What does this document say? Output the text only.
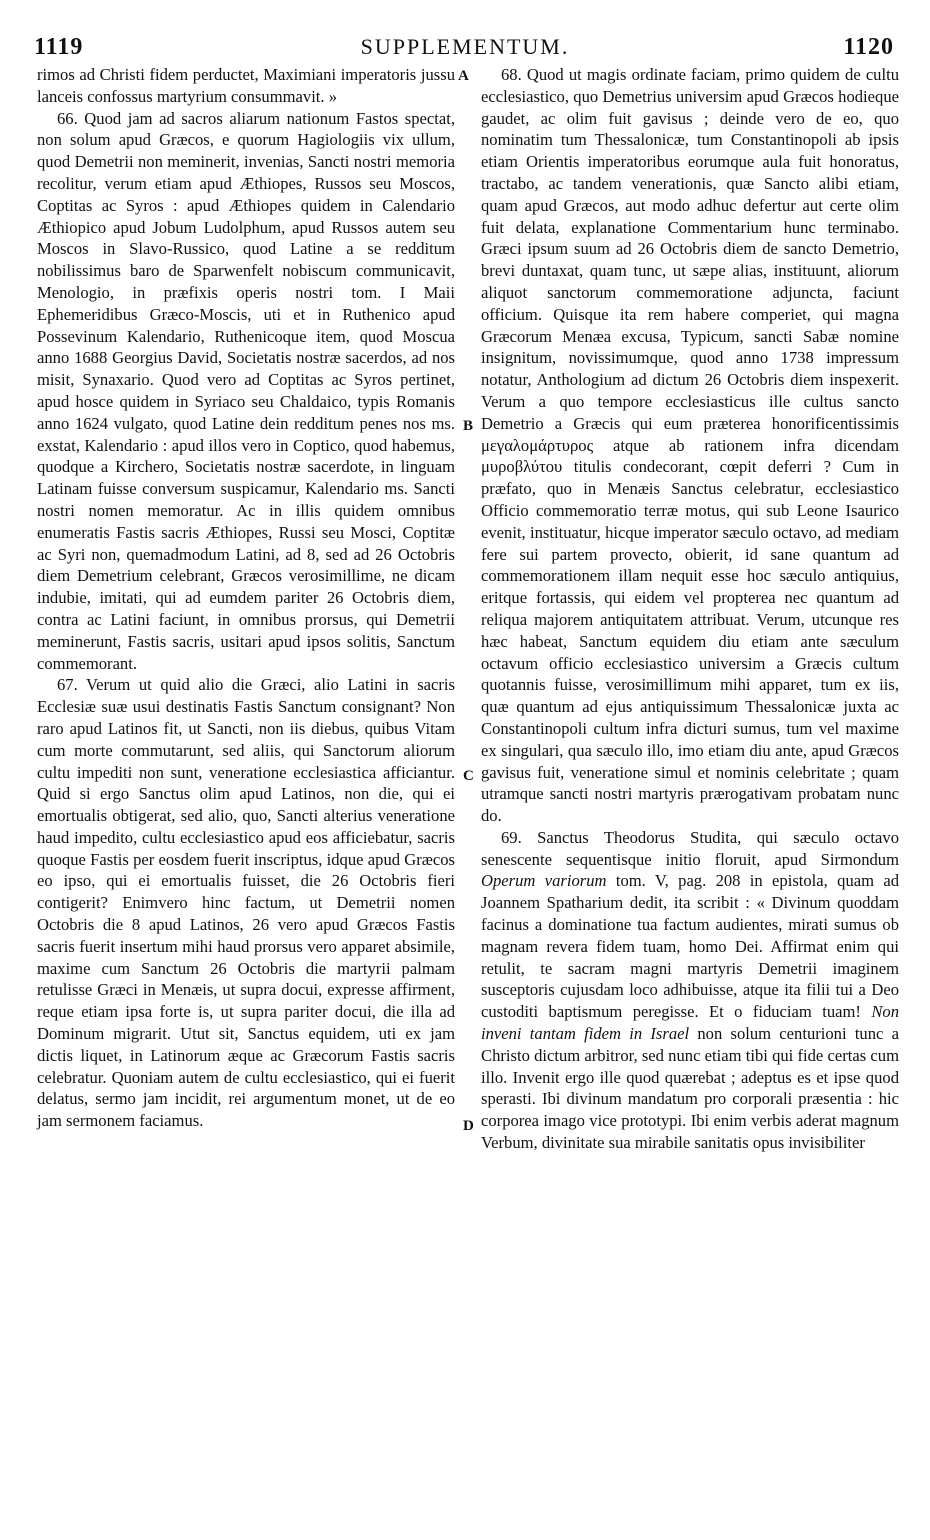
1119	SUPPLEMENTUM.	1120

rimos ad Christi fidem perductet, Maximiani imperatoris jussu lanceis confossus martyrium consummavit. »

66. Quod jam ad sacros aliarum nationum Fastos spectat, non solum apud Græcos, e quorum Hagiologiis vix ullum, quod Demetrii non meminerit, invenias, Sancti nostri memoria recolitur, verum etiam apud Æthiopes, Russos seu Moscos, Coptitas ac Syros : apud Æthiopes quidem in Calendario Æthiopico apud Jobum Ludolphum, apud Russos autem seu Moscos in Slavo-Russico, quod Latine a se redditum nobilissimus baro de Sparwenfelt nobiscum communicavit, Menologio, in præfixis operis nostri tom. I Maii Ephemeridibus Græco-Moscis, uti et in Ruthenico apud Possevinum Kalendario, Ruthenicoque item, quod Moscua anno 1688 Georgius David, Societatis nostræ sacerdos, ad nos misit, Synaxario. Quod vero ad Coptitas ac Syros pertinet, apud hosce quidem in Syriaco seu Chaldaico, typis Romanis anno 1624 vulgato, quod Latine dein redditum penes nos ms. exstat, Kalendario : apud illos vero in Coptico, quod habemus, quodque a Kirchero, Societatis nostræ sacerdote, in linguam Latinam fuisse conversum suspicamur, Kalendario ms. Sancti nostri nomen memoratur. Ac in illis quidem omnibus enumeratis Fastis sacris Æthiopes, Russi seu Mosci, Coptitæ ac Syri non, quemadmodum Latini, ad 8, sed ad 26 Octobris diem Demetrium celebrant, Græcos verosimillime, ne dicam indubie, imitati, qui ad eumdem pariter 26 Octobris diem, contra ac Latini faciunt, in omnibus prorsus, qui Demetrii meminerunt, Fastis sacris, usitari apud ipsos solitis, Sanctum commemorant.

67. Verum ut quid alio die Græci, alio Latini in sacris Ecclesiæ suæ usui destinatis Fastis Sanctum consignant? Non raro apud Latinos fit, ut Sancti, non iis diebus, quibus Vitam cum morte commutarunt, sed aliis, qui Sanctorum aliorum cultu impediti non sunt, veneratione ecclesiastica afficiantur. Quid si ergo Sanctus olim apud Latinos, non die, qui ei emortualis obtigerat, sed alio, quo, Sancti alterius veneratione haud impedito, cultu ecclesiastico apud eos afficiebatur, sacris quoque Fastis per eosdem fuerit inscriptus, idque apud Græcos eo ipso, qui ei emortualis fuisset, die 26 Octobris fieri contigerit? Enimvero hinc factum, ut Demetrii nomen Octobris die 8 apud Latinos, 26 vero apud Græcos Fastis sacris fuerit insertum mihi haud prorsus vero apparet absimile, maxime cum Sanctum 26 Octobris die martyrii palmam retulisse Græci in Menæis, ut supra docui, expresse affirment, reque etiam ipsa forte is, ut supra pariter docui, die illa ad Dominum migrarit. Utut sit, Sanctus equidem, uti ex jam dictis liquet, in Latinorum æque ac Græcorum Fastis sacris celebratur. Quoniam autem de cultu ecclesiastico, qui ei fuerit delatus, sermo jam incidit, rei argumentum monet, ut de eo jam sermonem faciamus.

68. Quod ut magis ordinate faciam, primo quidem de cultu ecclesiastico, quo Demetrius universim apud Græcos hodieque gaudet, ac olim fuit gavisus ; deinde vero de eo, quo nominatim tum Thessalonicæ, tum Constantinopoli ab ipsis etiam Orientis imperatoribus eorumque aula fuit honoratus, tractabo, ac tandem venerationis, quæ Sancto alibi etiam, quam apud Græcos, aut modo adhuc defertur aut certe olim fuit delata, explanatione Commentarium hunc terminabo. Græci ipsum suum ad 26 Octobris diem de sancto Demetrio, brevi duntaxat, quam tunc, ut sæpe alias, instituunt, aliorum aliquot sanctorum commemoratione adjuncta, faciunt officium. Quisque ita rem habere comperiet, qui magna Græcorum Menæa excusa, Typicum, sancti Sabæ nomine insignitum, novissimumque, quod anno 1738 impressum notatur, Anthologium ad dictum 26 Octobris diem inspexerit. Verum a quo tempore ecclesiasticus ille cultus sancto Demetrio a Græcis qui eum præterea honorificentissimis μεγαλομάρτυρος atque ab rationem infra dicendam μυροβλύτου titulis condecorant, cœpit deferri ? Cum in præfato, quo in Menæis Sanctus celebratur, ecclesiastico Officio commemoratio terræ motus, qui sub Leone Isaurico evenit, instituatur, hicque imperator sæculo octavo, ad mediam fere sui partem provecto, obierit, id sane quantum ad commemorationem illam nequit esse hoc sæculo antiquius, eritque fortassis, qui eidem vel propterea nec quantum ad reliqua majorem antiquitatem attribuat. Verum, utcunque res hæc habeat, Sanctum equidem diu etiam ante sæculum octavum officio ecclesiastico universim a Græcis cultum quotannis fuisse, verosimillimum mihi apparet, tum ex iis, quæ quantum ad ejus antiquissimum Thessalonicæ juxta ac Constantinopoli cultum infra dicturi sumus, tum vel maxime ex singulari, qua sæculo illo, imo etiam diu ante, apud Græcos gavisus fuit, veneratione simul et nominis celebritate ; quam utramque sancti nostri martyris prærogativam probatam nunc do.

69. Sanctus Theodorus Studita, qui sæculo octavo senescente sequentisque initio floruit, apud Sirmondum Operum variorum tom. V, pag. 208 in epistola, quam ad Joannem Spatharium dedit, ita scribit : « Divinum quoddam facinus a dominatione tua factum audientes, mirati sumus ob magnam revera fidem tuam, homo Dei. Affirmat enim qui retulit, te sacram magni martyris Demetrii imaginem susceptoris cujusdam loco adhibuisse, atque ita filii tui a Deo custoditi baptismum peregisse. Et o fiduciam tuam! Non inveni tantam fidem in Israel non solum centurioni tunc a Christo dictum arbitror, sed nunc etiam tibi qui fide certas cum illo. Invenit ergo ille quod quærebat ; adeptus es et ipse quod sperasti. Ibi divinum mandatum pro corporali præsentia : hic corporea imago vice prototypi. Ibi enim verbis aderat magnum Verbum, divinitate sua mirabile sanitatis opus invisibiliter

A
B
C
D
